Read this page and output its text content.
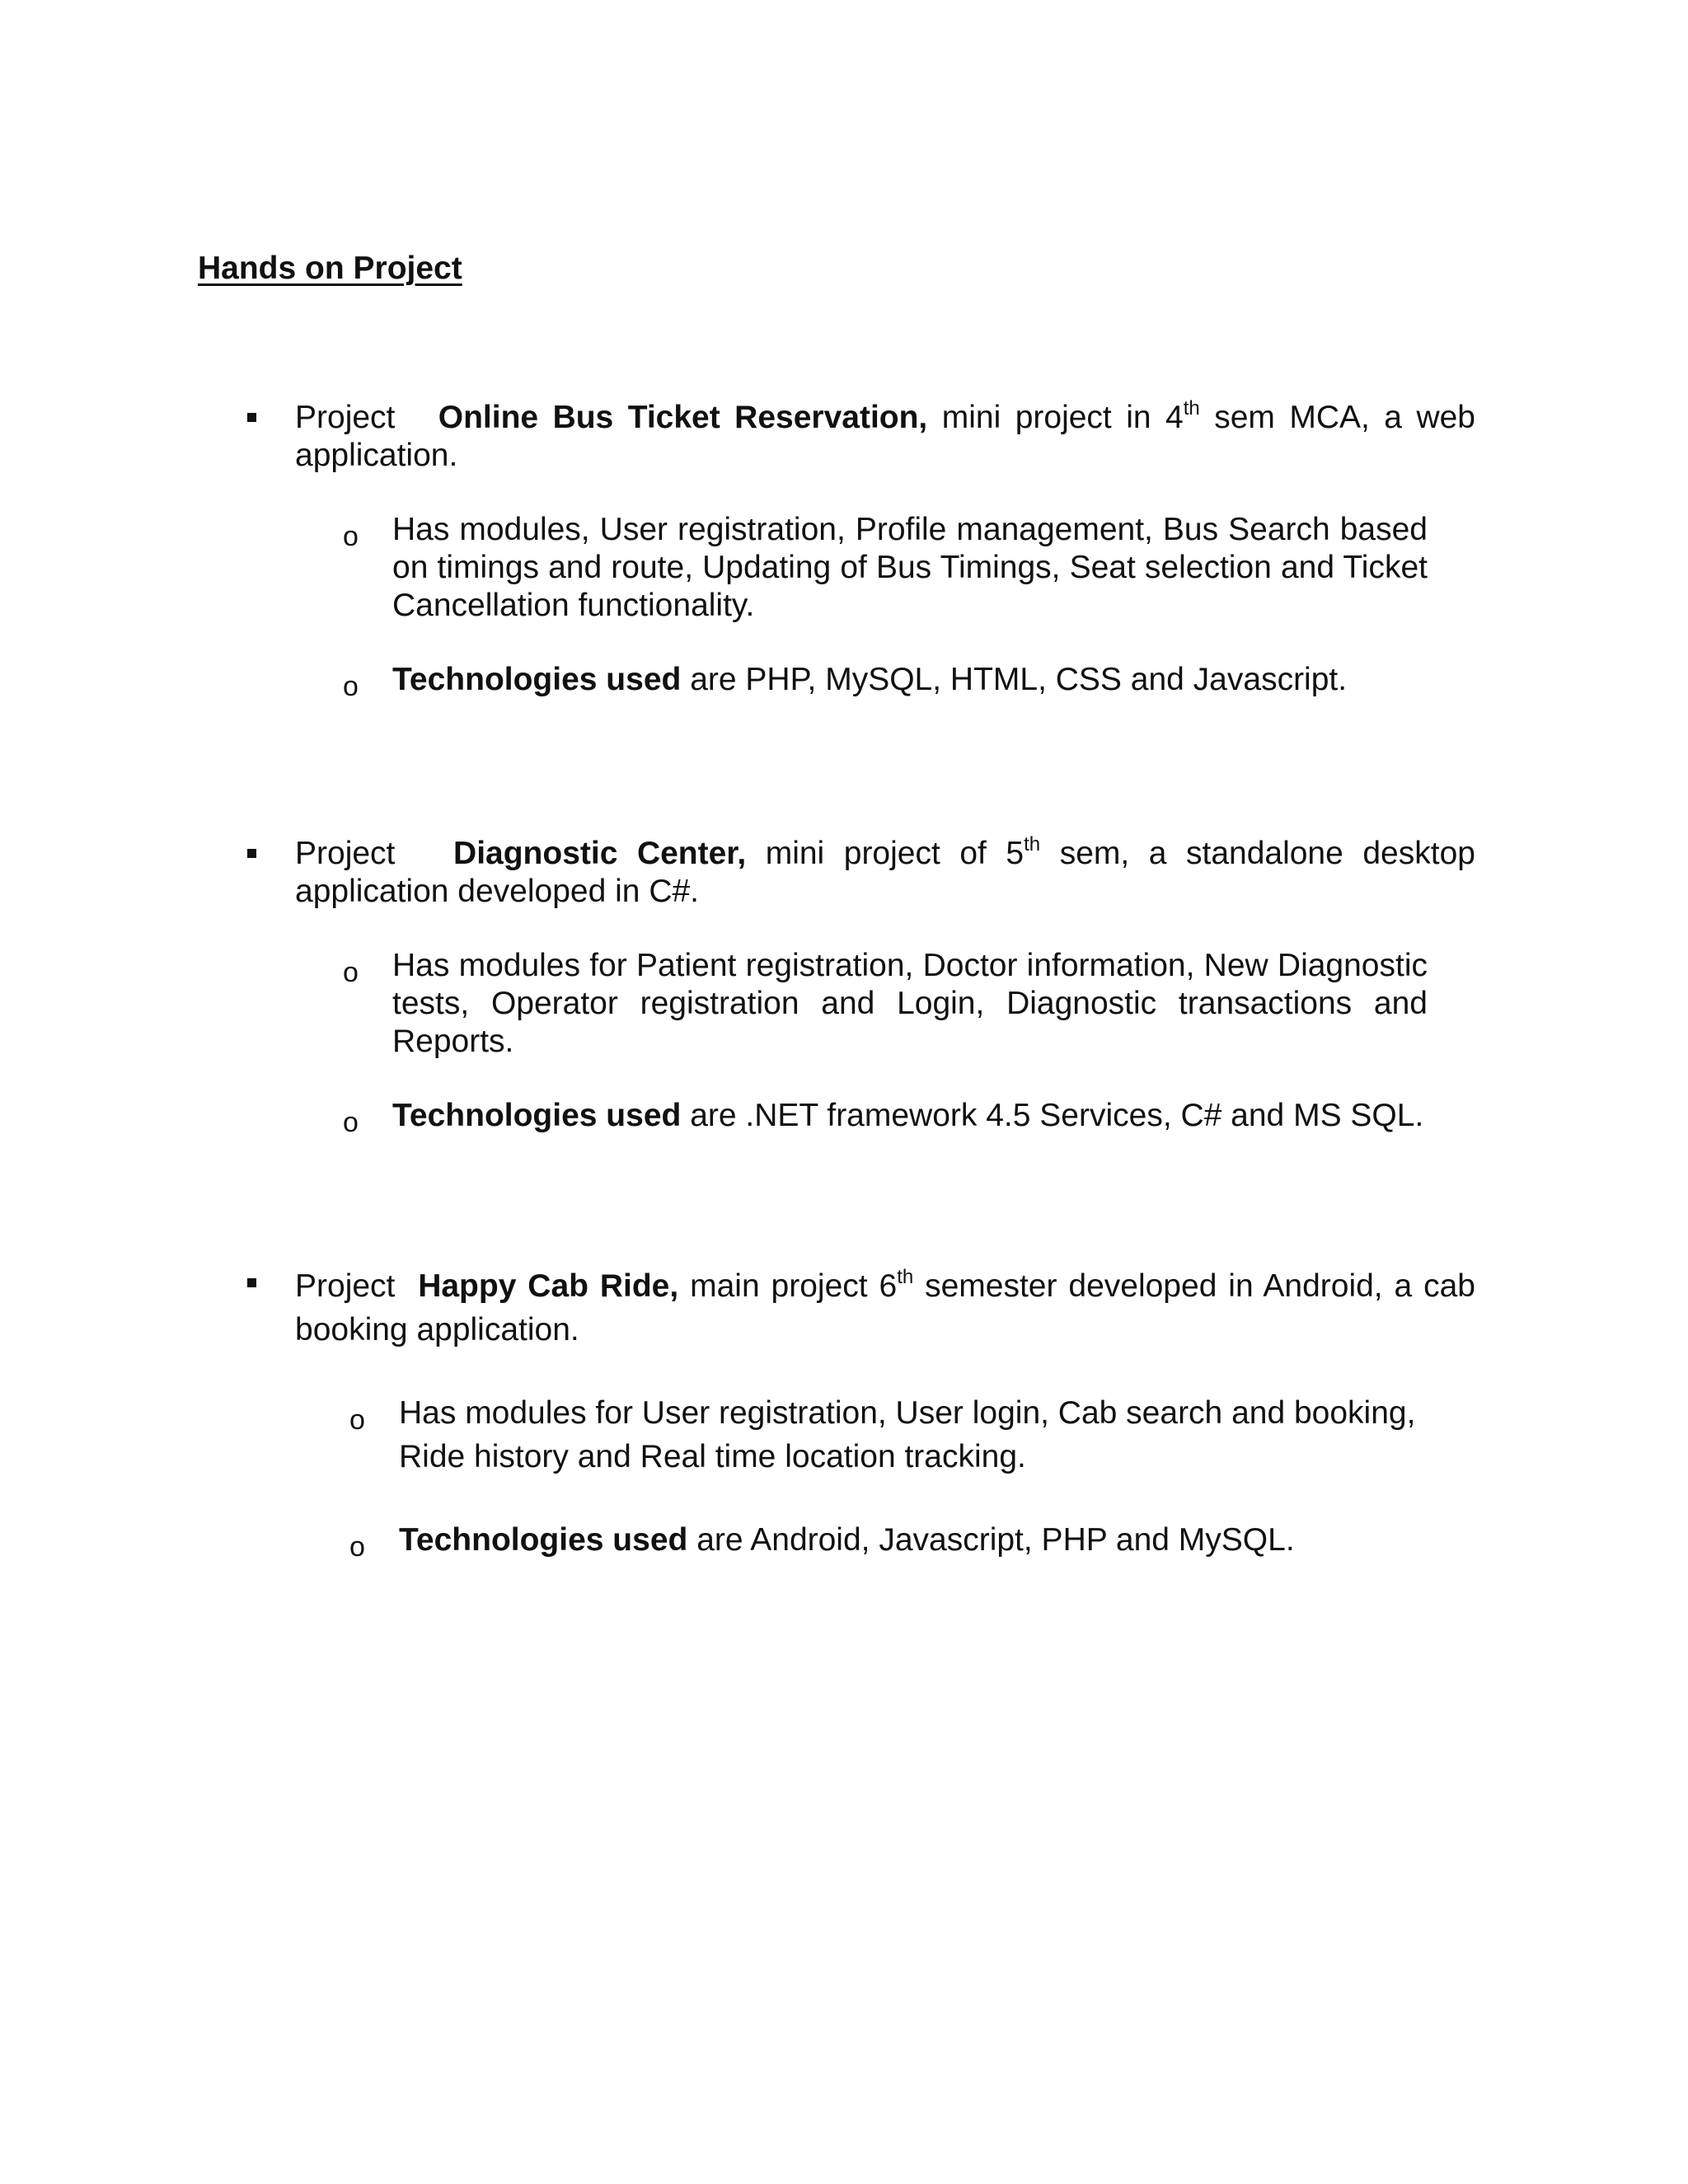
Hands on Project
Project Online Bus Ticket Reservation, mini project in 4th sem MCA, a web application.
o Has modules, User registration, Profile management, Bus Search based on timings and route, Updating of Bus Timings, Seat selection and Ticket Cancellation functionality.
o Technologies used are PHP, MySQL, HTML, CSS and Javascript.
Project Diagnostic Center, mini project of 5th sem, a standalone desktop application developed in C#.
o Has modules for Patient registration, Doctor information, New Diagnostic tests, Operator registration and Login, Diagnostic transactions and Reports.
o Technologies used are .NET framework 4.5 Services, C# and MS SQL.
Project Happy Cab Ride, main project 6th semester developed in Android, a cab booking application.
o Has modules for User registration, User login, Cab search and booking, Ride history and Real time location tracking.
o Technologies used are Android, Javascript, PHP and MySQL.
